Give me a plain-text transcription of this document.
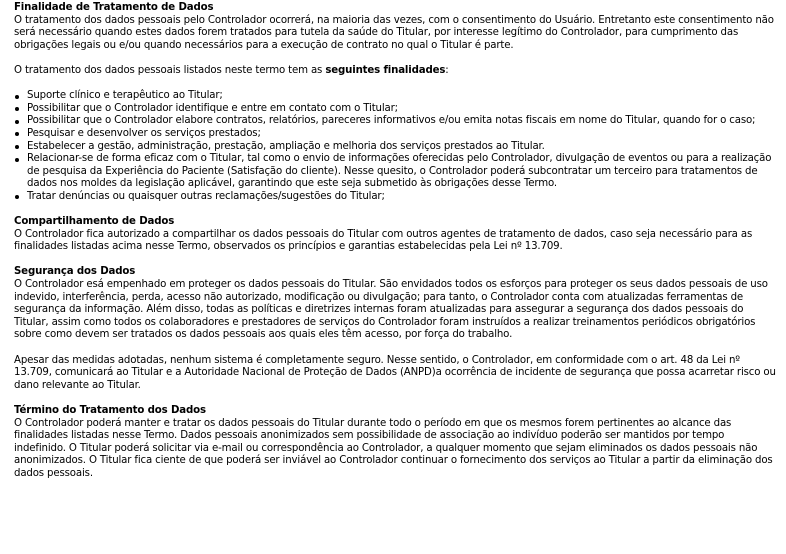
Finalidade de Tratamento de Dados

O tratamento dos dados pessoais pelo Controlador ocorrerá, na maioria das vezes, com o consentimento do Usuário. Entretanto este consentimento não será necessário quando estes dados forem tratados para tutela da saúde do Titular, por interesse legítimo do Controlador, para cumprimento das obrigações legais ou e/ou quando necessários para a execução de contrato no qual o Titular é parte.

O tratamento dos dados pessoais listados neste termo tem as seguintes finalidades:

Suporte clínico e terapêutico ao Titular;
Possibilitar que o Controlador identifique e entre em contato com o Titular;
Possibilitar que o Controlador elabore contratos, relatórios, pareceres informativos e/ou emita notas fiscais em nome do Titular, quando for o caso;
Pesquisar e desenvolver os serviços prestados;
Estabelecer a gestão, administração, prestação, ampliação e melhoria dos serviços prestados ao Titular.
Relacionar-se de forma eficaz com o Titular, tal como o envio de informações oferecidas pelo Controlador, divulgação de eventos ou para a realização de pesquisa da Experiência do Paciente (Satisfação do cliente). Nesse quesito, o Controlador poderá subcontratar um terceiro para tratamentos de dados nos moldes da legislação aplicável, garantindo que este seja submetido às obrigações desse Termo.
Tratar denúncias ou quaisquer outras reclamações/sugestões do Titular;

Compartilhamento de Dados

O Controlador fica autorizado a compartilhar os dados pessoais do Titular com outros agentes de tratamento de dados, caso seja necessário para as finalidades listadas acima nesse Termo, observados os princípios e garantias estabelecidas pela Lei nº 13.709.

Segurança dos Dados

O Controlador esá empenhado em proteger os dados pessoais do Titular. São envidados todos os esforços para proteger os seus dados pessoais de uso indevido, interferência, perda, acesso não autorizado, modificação ou divulgação; para tanto, o Controlador conta com atualizadas ferramentas de segurança da informação. Além disso, todas as políticas e diretrizes internas foram atualizadas para assegurar a segurança dos dados pessoais do Titular, assim como todos os colaboradores e prestadores de serviços do Controlador foram instruídos a realizar treinamentos periódicos obrigatórios sobre como devem ser tratados os dados pessoais aos quais eles têm acesso, por força do trabalho.

Apesar das medidas adotadas, nenhum sistema é completamente seguro. Nesse sentido, o Controlador, em conformidade com o art. 48 da Lei nº 13.709, comunicará ao Titular e a Autoridade Nacional de Proteção de Dados (ANPD)a ocorrência de incidente de segurança que possa acarretar risco ou dano relevante ao Titular.

Término do Tratamento dos Dados

O Controlador poderá manter e tratar os dados pessoais do Titular durante todo o período em que os mesmos forem pertinentes ao alcance das finalidades listadas nesse Termo. Dados pessoais anonimizados sem possibilidade de associação ao indivíduo poderão ser mantidos por tempo indefinido. O Titular poderá solicitar via e-mail ou correspondência ao Controlador, a qualquer momento que sejam eliminados os dados pessoais não anonimizados. O Titular fica ciente de que poderá ser inviável ao Controlador continuar o fornecimento dos serviços ao Titular a partir da eliminação dos dados pessoais.
